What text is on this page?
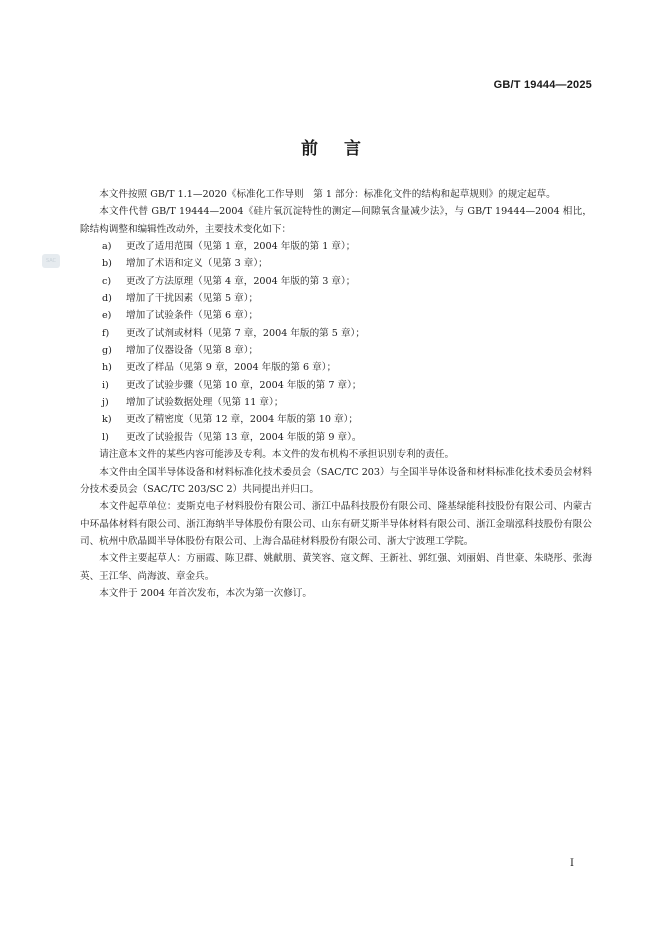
GB/T 19444—2025
前言
SAC

本文件按照 GB/T 1.1—2020《标准化工作导则　第 1 部分：标准化文件的结构和起草规则》的规定起草。

本文件代替 GB/T 19444—2004《硅片氧沉淀特性的测定—间隙氧含量减少法》，与 GB/T 19444—2004 相比，除结构调整和编辑性改动外，主要技术变化如下：

a)	更改了适用范围（见第 1 章，2004 年版的第 1 章）；
b)	增加了术语和定义（见第 3 章）；
c)	更改了方法原理（见第 4 章，2004 年版的第 3 章）；
d)	增加了干扰因素（见第 5 章）；
e)	增加了试验条件（见第 6 章）；
f)	更改了试剂或材料（见第 7 章，2004 年版的第 5 章）；
g)	增加了仪器设备（见第 8 章）；
h)	更改了样品（见第 9 章，2004 年版的第 6 章）；
i)	更改了试验步骤（见第 10 章，2004 年版的第 7 章）；
j)	增加了试验数据处理（见第 11 章）；
k)	更改了精密度（见第 12 章，2004 年版的第 10 章）；
l)	更改了试验报告（见第 13 章，2004 年版的第 9 章）。

请注意本文件的某些内容可能涉及专利。本文件的发布机构不承担识别专利的责任。

本文件由全国半导体设备和材料标准化技术委员会（SAC/TC 203）与全国半导体设备和材料标准化技术委员会材料分技术委员会（SAC/TC 203/SC 2）共同提出并归口。

本文件起草单位：麦斯克电子材料股份有限公司、浙江中晶科技股份有限公司、隆基绿能科技股份有限公司、内蒙古中环晶体材料有限公司、浙江海纳半导体股份有限公司、山东有研艾斯半导体材料有限公司、浙江金瑞泓科技股份有限公司、杭州中欣晶圆半导体股份有限公司、上海合晶硅材料股份有限公司、浙大宁波理工学院。

本文件主要起草人：方丽霞、陈卫群、姚献朋、黄笑容、寇文辉、王新社、郭红强、刘丽娟、肖世豪、朱晓彤、张海英、王江华、尚海波、章金兵。

本文件于 2004 年首次发布，本次为第一次修订。

I
